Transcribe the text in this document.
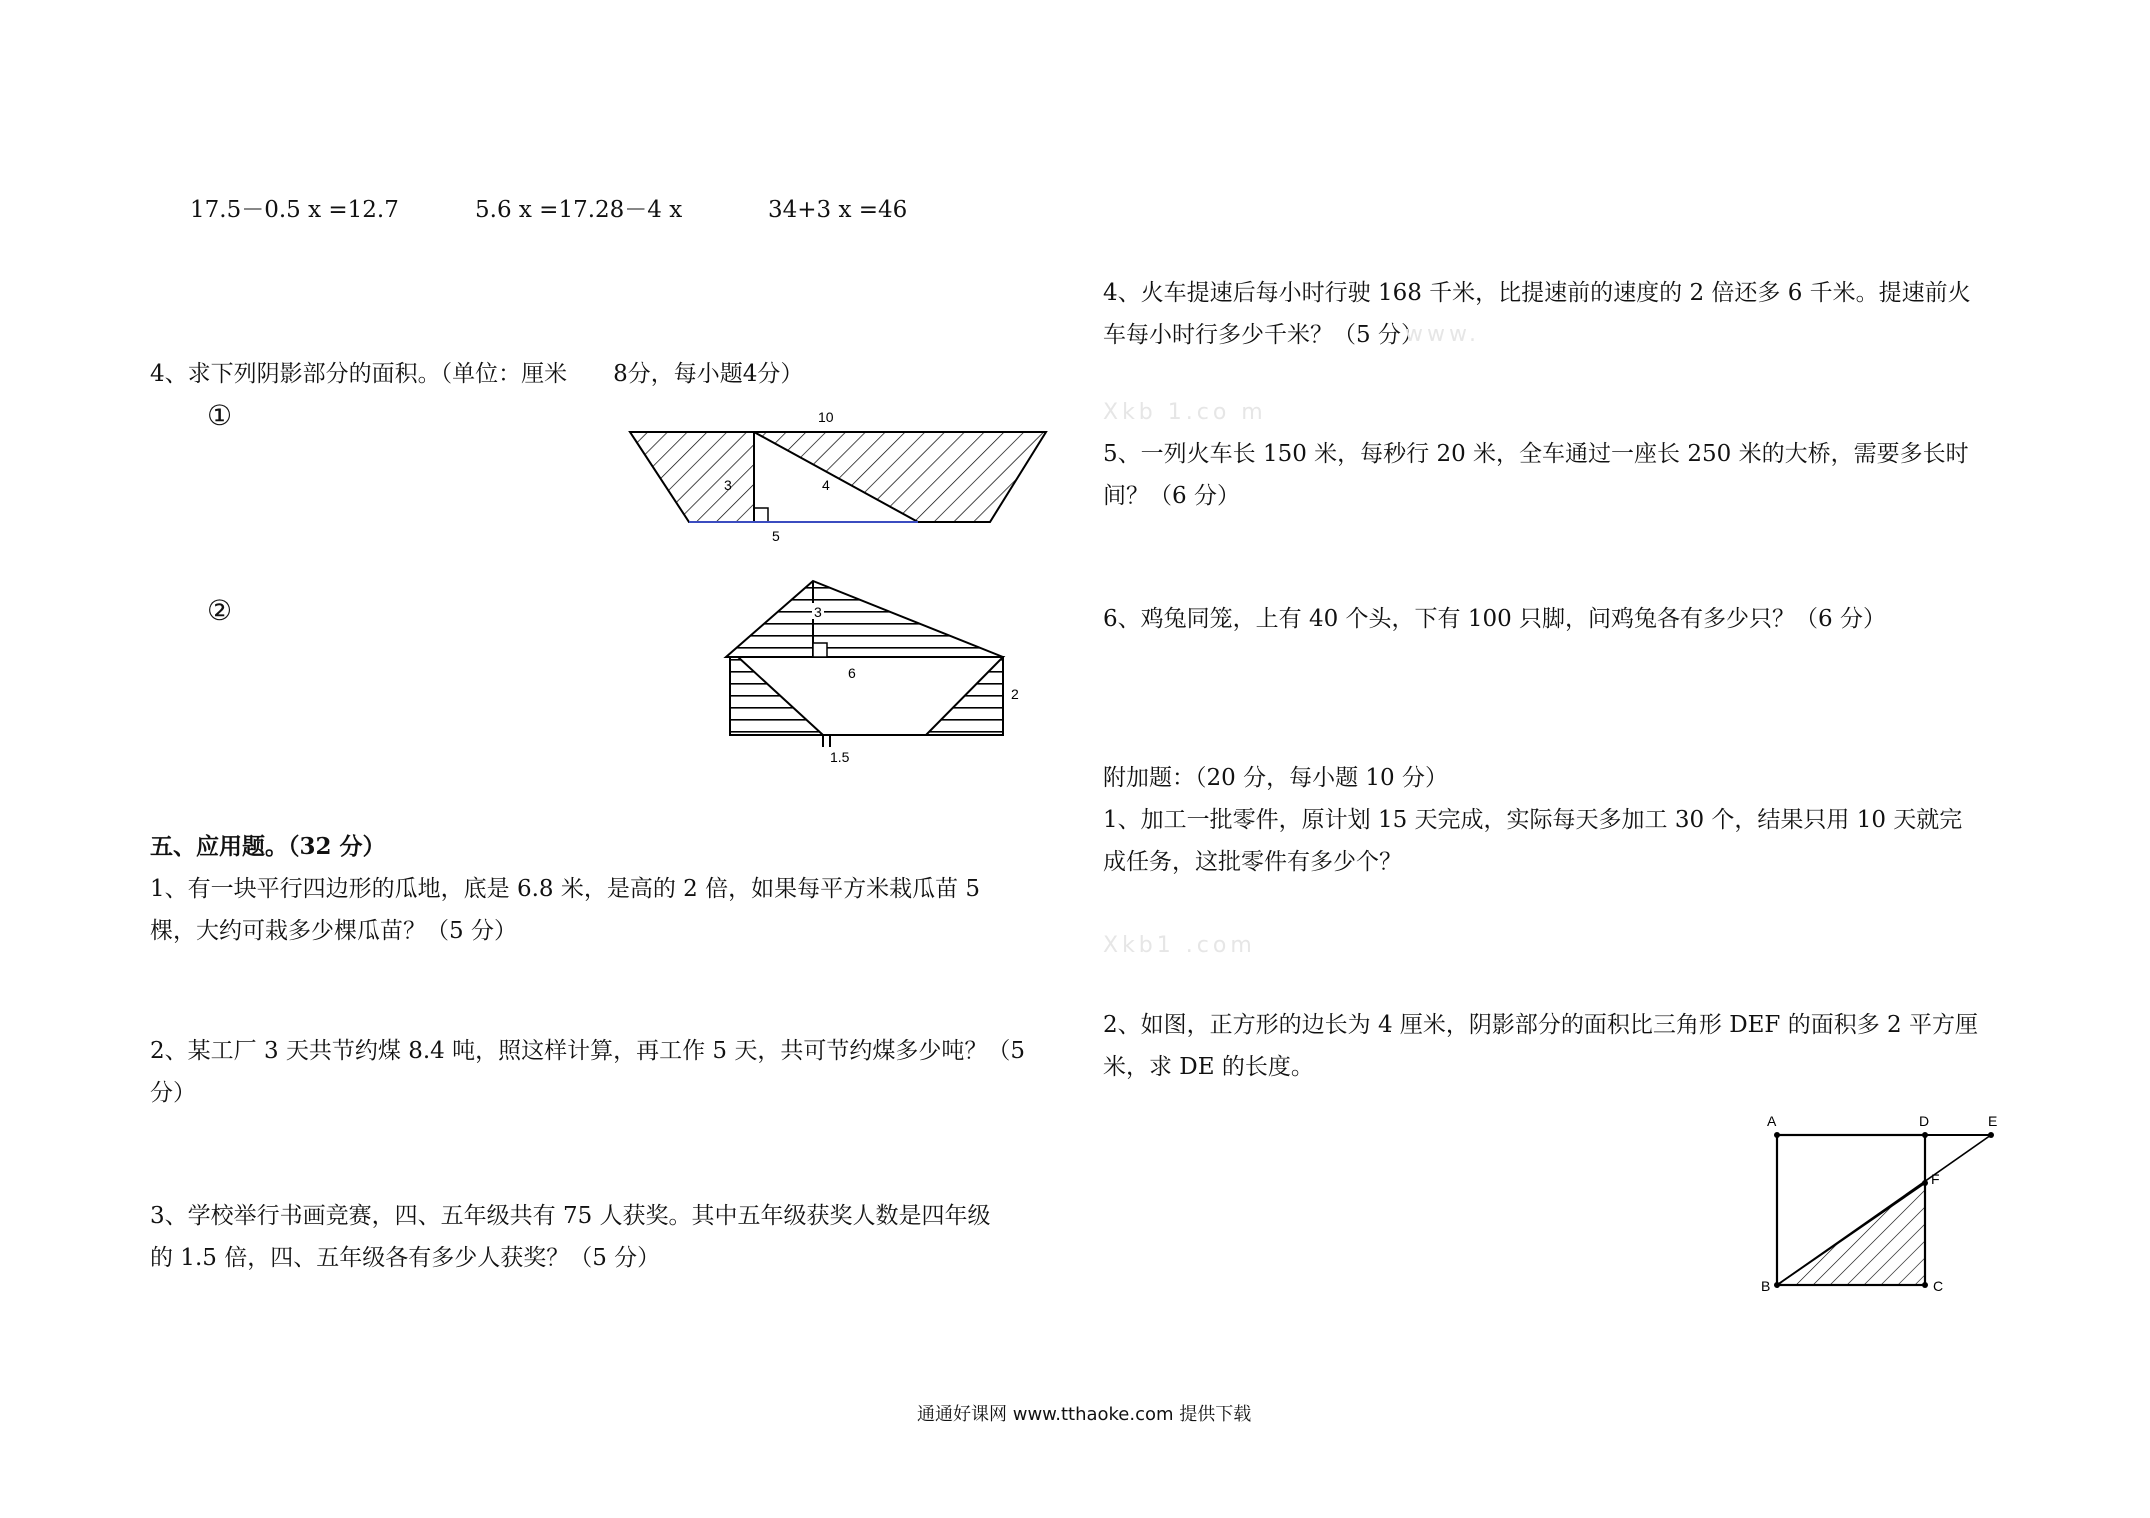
17.5－0.5 x =12.7	5.6 x =17.28－4 x	34+3 x =46
4、求下列阴影部分的面积。（单位：厘米　　8分，每小题4分）
①
②
10
3	4
5
3
6
2
1.5
五、应用题。（32 分）
1、有一块平行四边形的瓜地，底是 6.8 米，是高的 2 倍，如果每平方米栽瓜苗 5
棵，大约可栽多少棵瓜苗？（5 分）
2、某工厂 3 天共节约煤 8.4 吨，照这样计算，再工作 5 天，共可节约煤多少吨？（5
分）
3、学校举行书画竞赛，四、五年级共有 75 人获奖。其中五年级获奖人数是四年级
的 1.5 倍，四、五年级各有多少人获奖？（5 分）
4、火车提速后每小时行驶 168 千米，比提速前的速度的 2 倍还多 6 千米。提速前火
车每小时行多少千米？（5 分）
www.
Xkb 1.co m
5、一列火车长 150 米，每秒行 20 米，全车通过一座长 250 米的大桥，需要多长时
间？（6 分）
6、鸡兔同笼，上有 40 个头，下有 100 只脚，问鸡兔各有多少只？（6 分）
附加题：（20 分，每小题 10 分）
1、加工一批零件，原计划 15 天完成，实际每天多加工 30 个，结果只用 10 天就完
成任务，这批零件有多少个？
Xkb1 .com
2、如图，正方形的边长为 4 厘米，阴影部分的面积比三角形 DEF 的面积多 2 平方厘
米，求 DE 的长度。
A	D	E
F
B	C
通通好课网 www.tthaoke.com 提供下载
